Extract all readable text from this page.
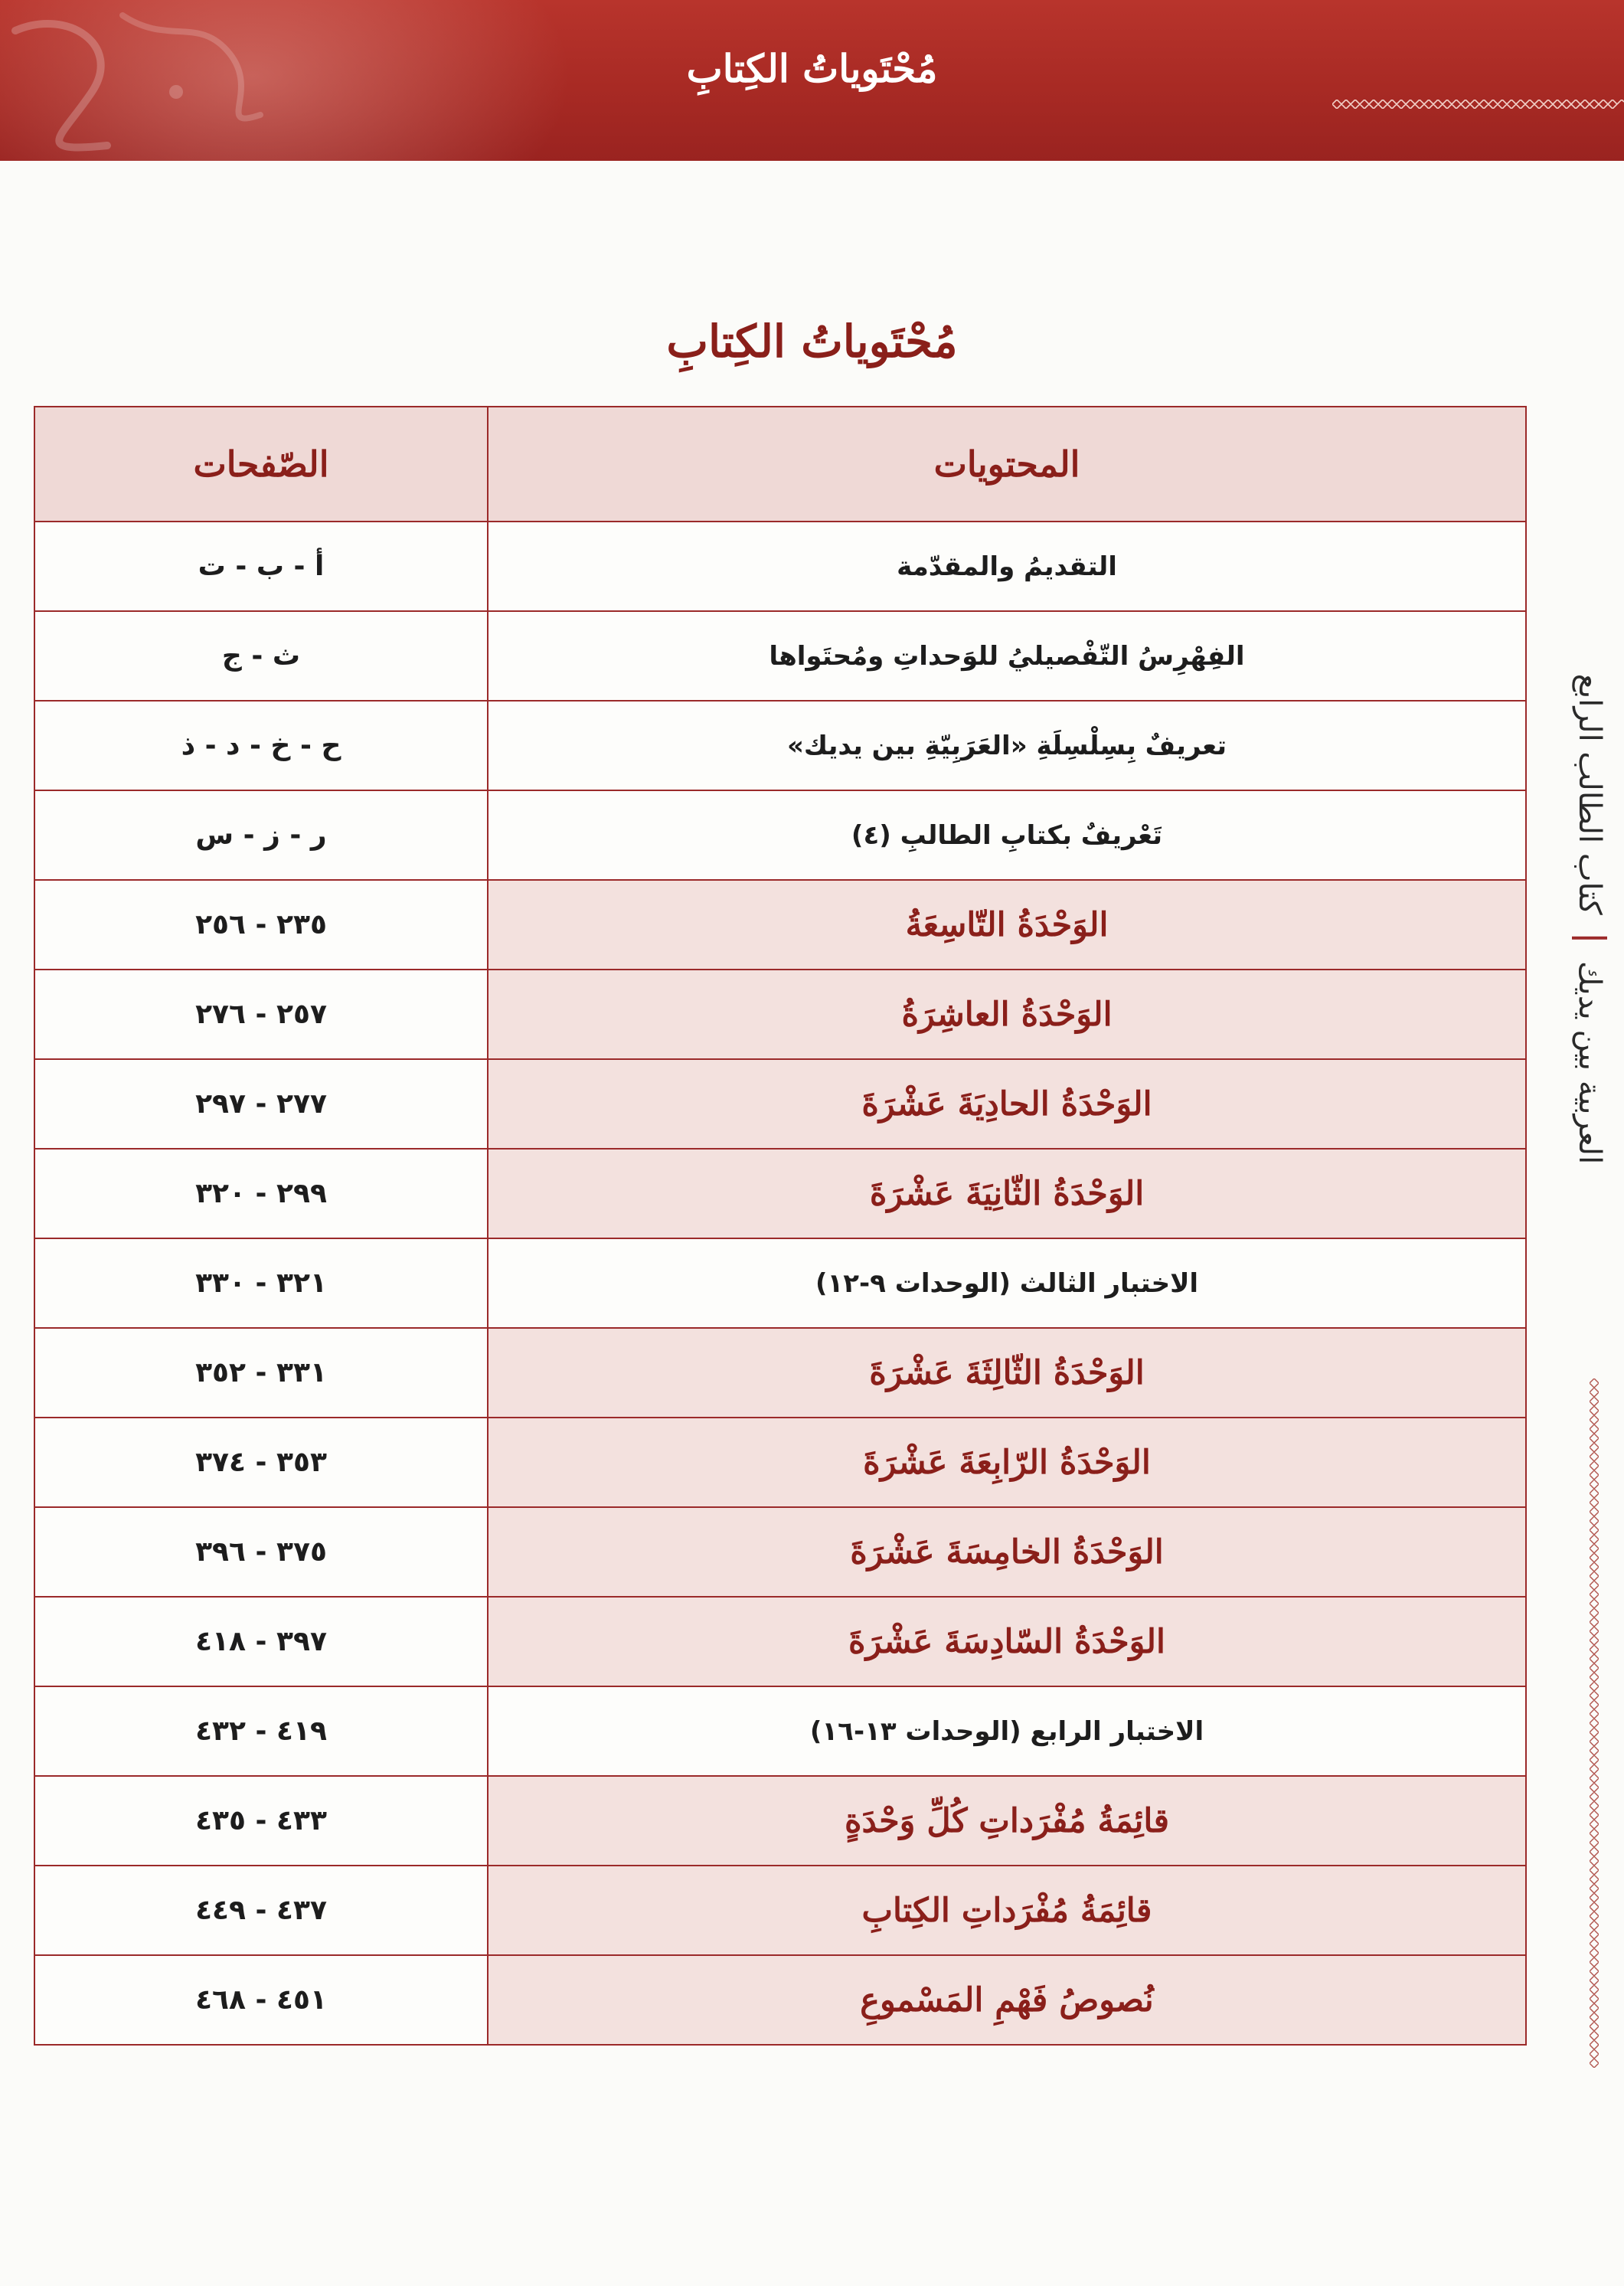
مُحْتَوياتُ الكِتابِ
مُحْتَوياتُ الكِتابِ
المحتويات	الصّفحات
التقديمُ والمقدّمة	أ - ب - ت
الفِهْرِسُ التّفْصيليُ للوَحداتِ ومُحتَواها	ث - ج
تعريفٌ بِسِلْسِلَةِ «العَرَبِيّةِ بين يديك»	ح - خ - د - ذ
تَعْريفٌ بكتابِ الطالبِ (٤)	ر - ز - س
الوَحْدَةُ التّاسِعَةُ	٢٣٥ - ٢٥٦
الوَحْدَةُ العاشِرَةُ	٢٥٧ - ٢٧٦
الوَحْدَةُ الحادِيَةَ عَشْرَةَ	٢٧٧ - ٢٩٧
الوَحْدَةُ الثّانِيَةَ عَشْرَةَ	٢٩٩ - ٣٢٠
الاختبار الثالث (الوحدات ٩-١٢)	٣٢١ - ٣٣٠
الوَحْدَةُ الثّالِثَةَ عَشْرَةَ	٣٣١ - ٣٥٢
الوَحْدَةُ الرّابِعَةَ عَشْرَةَ	٣٥٣ - ٣٧٤
الوَحْدَةُ الخامِسَةَ عَشْرَةَ	٣٧٥ - ٣٩٦
الوَحْدَةُ السّادِسَةَ عَشْرَةَ	٣٩٧ - ٤١٨
الاختبار الرابع (الوحدات ١٣-١٦)	٤١٩ - ٤٣٢
قائِمَةُ مُفْرَداتِ كُلِّ وَحْدَةٍ	٤٣٣ - ٤٣٥
قائِمَةُ مُفْرَداتِ الكِتابِ	٤٣٧ - ٤٤٩
نُصوصُ فَهْمِ المَسْموعِ	٤٥١ - ٤٦٨
العربية بين يديك
كتاب الطالب الرابع
